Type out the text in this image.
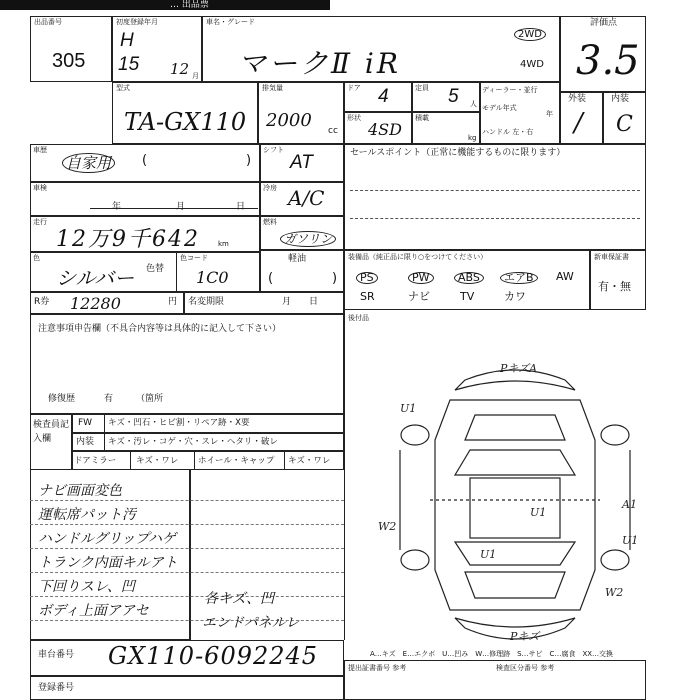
… 出品票
出品番号
305
初度登録年月
H
15 12 月
車名・グレード
マークⅡ iR
2WD
4WD
評価点
3.5
型式
TA-GX110
排気量
2000 cc
ドア 4	定員 5 人
ディーラー・並行
モデル年式
年
ハンドル 左・右
形状
4SD
積載
kg
外装	内装
/ C
車歴
自家用	(	)
シフト
AT	セールスポイント（正常に機能するものに限ります）
車検
年	月	日
冷房 A/C
走行
12万9千642	km
燃料
ガソリン
色
シルバー 色替
色コード
1C0
軽油
(	)
装備品（純正品に限り○をつけてください）
PS	PW	ABS	エアB	AW
SR	ナビ	TV	カワ
新車保証書
有・無
R券 12280	円 名変期限	月日
後付品
注意事項申告欄（不具合内容等は具体的に記入して下さい）
修復歴	有	（箇所
検査員記入欄
FW キズ・凹石・ヒビ割・リペア跡・X要
内装 キズ・汚レ・コゲ・穴・スレ・ヘタリ・破レ
ドアミラー キズ・ワレ ホイール・キャップ キズ・ワレ
ナビ画面変色
運転席パット汚
ハンドルグリップハゲ
トランク内面キルアト
下回りスレ、凹
ボディ上面アアセ
各キズ、凹
エンドパネルレ
PキズA
U1
A1
U1
W2
U1
W2
Pキズ
U1
A…キズ　E…エクボ　U…凹み　W…修理跡　S…サビ　C…腐食　XX…交換
車台番号 GX110-6092245
登録番号
提出証書番号 参考	検査区分番号 参考
